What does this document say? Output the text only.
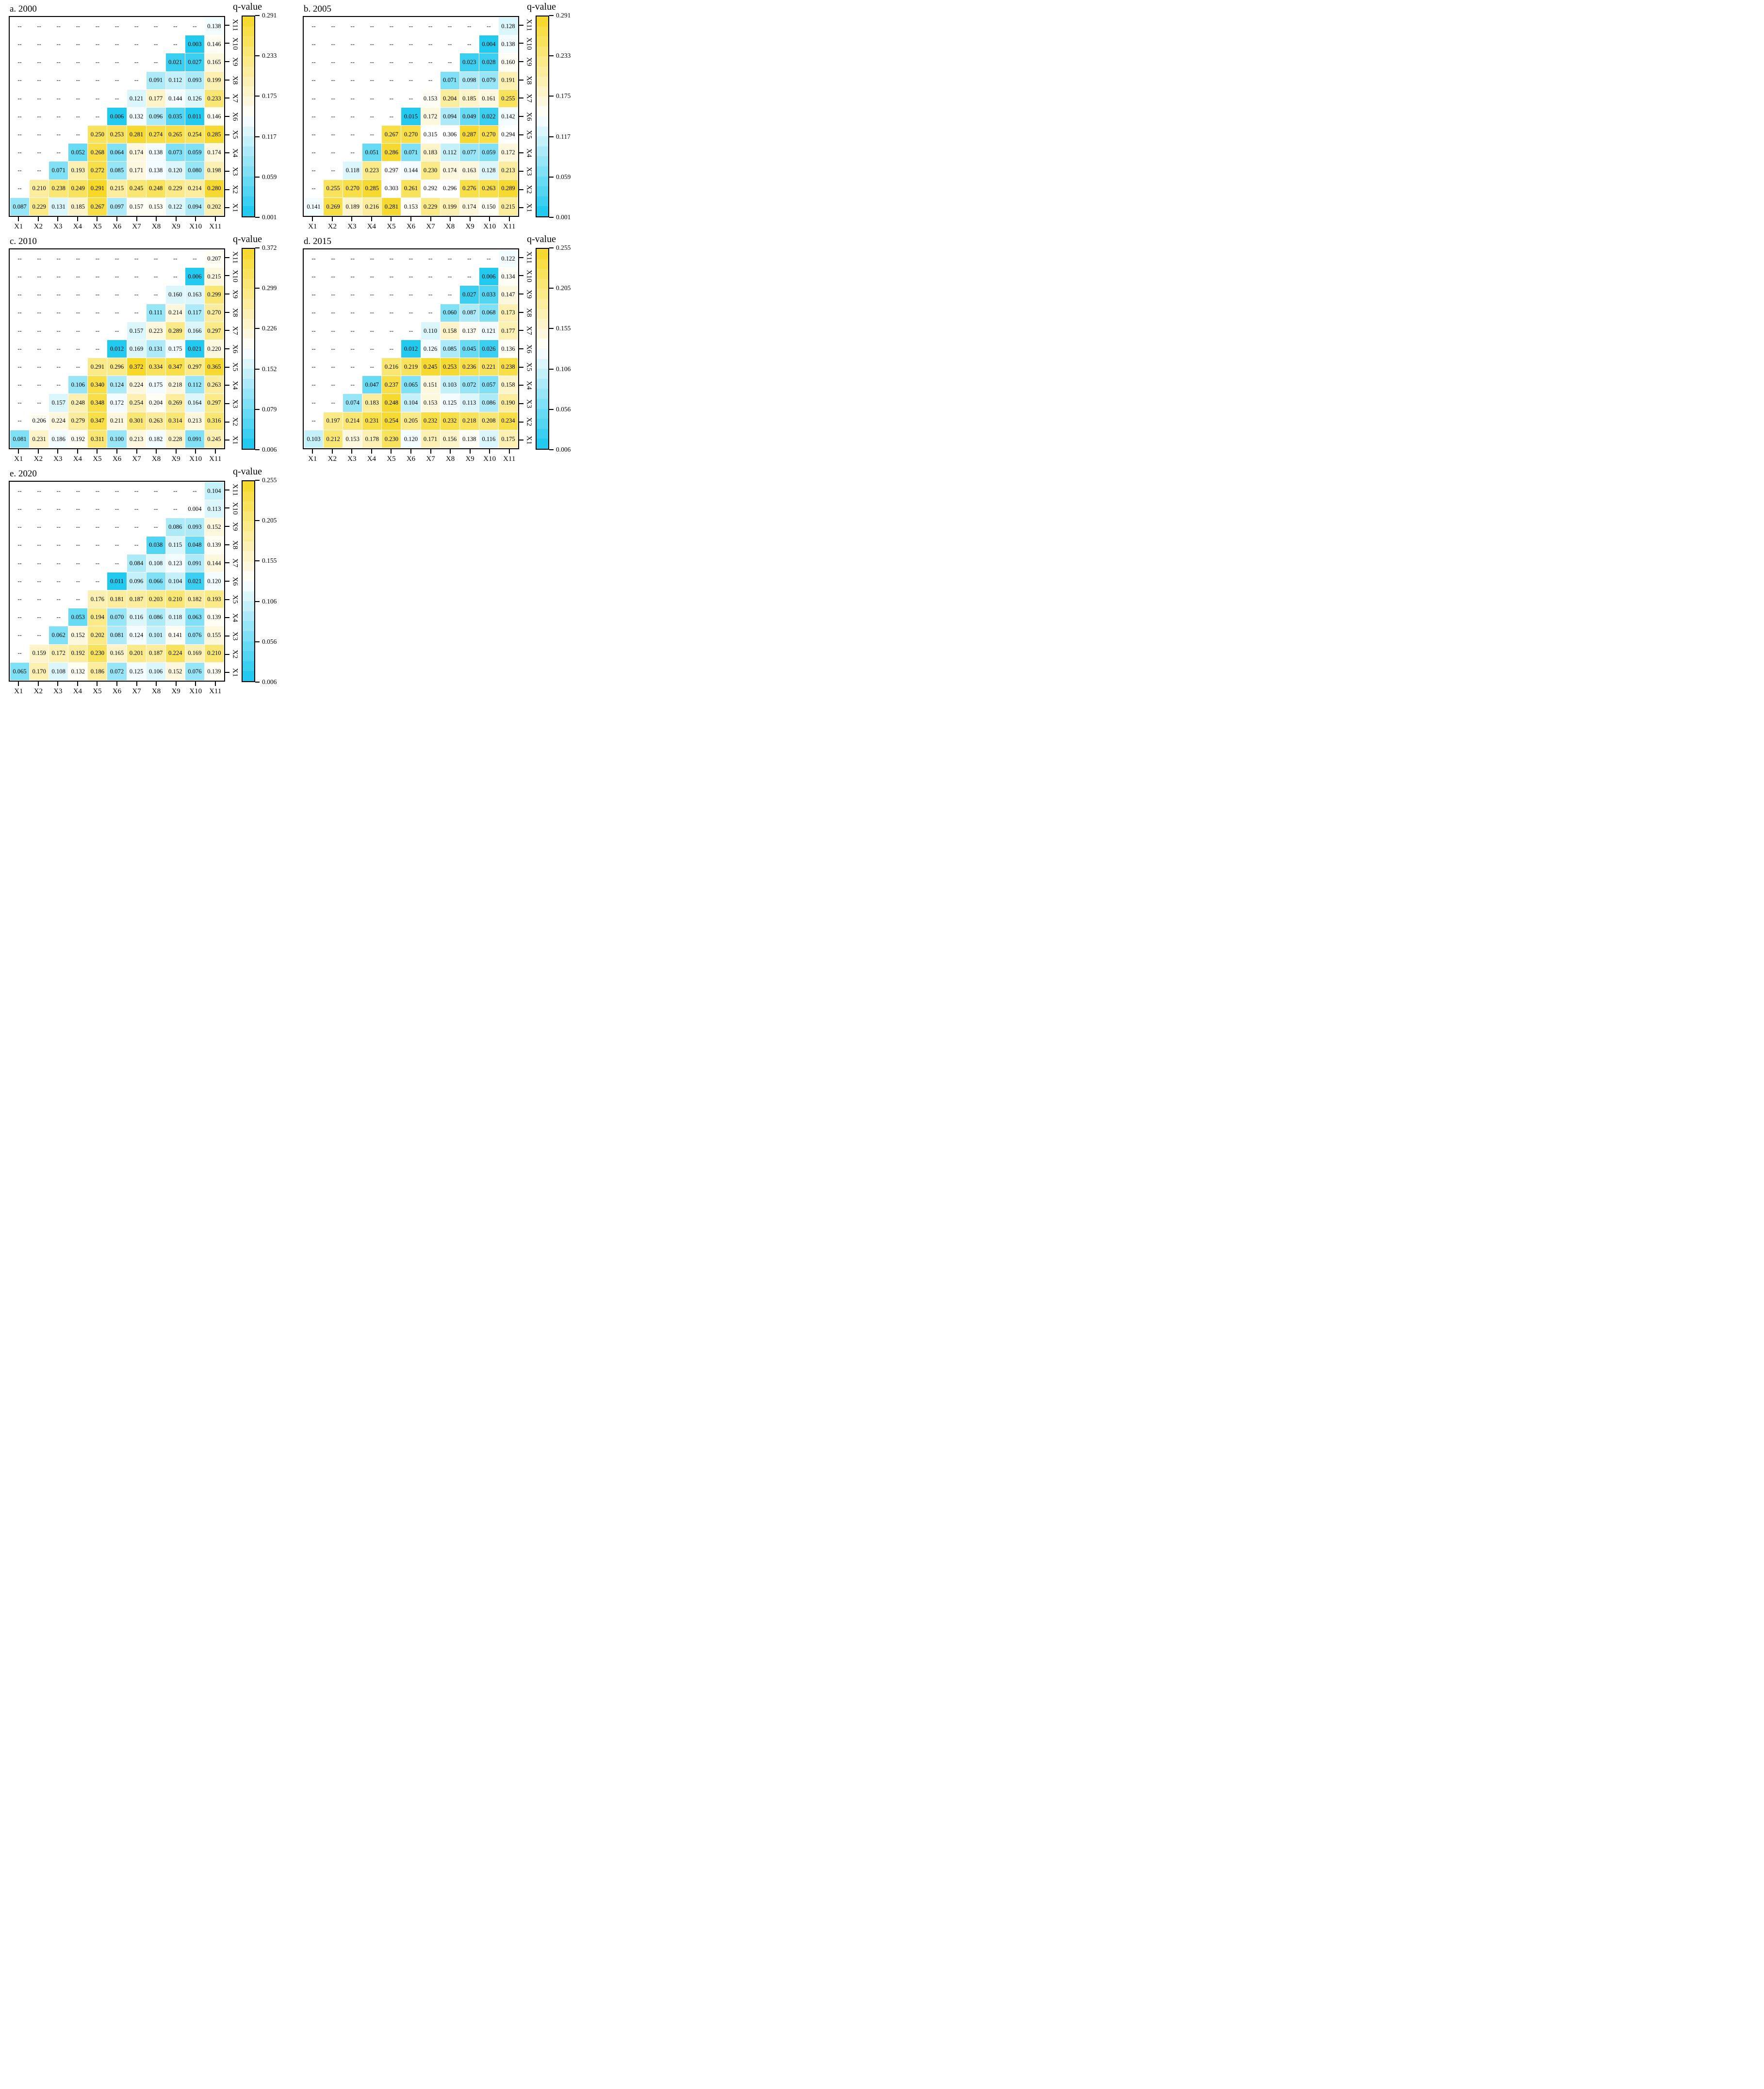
a. 2000
--	--	--	--	--	--	--	--	--	--	0.138
--	--	--	--	--	--	--	--	--	0.003 0.146
--	--	--	--	--	--	--	--	0.021 0.027 0.165
--	--	--	--	--	--	--	0.091 0.112 0.093 0.199
--	--	--	--	--	--	0.121 0.177 0.144 0.126 0.233
--	--	--	--	--	0.006 0.132 0.096 0.035 0.011 0.146
--	--	--	--	0.250 0.253 0.281 0.274 0.265 0.254 0.285
--	--	--	0.052 0.268 0.064 0.174 0.138 0.073 0.059 0.174
--	--	0.071 0.193 0.272 0.085 0.171 0.138 0.120 0.080 0.198
--	0.210 0.238 0.249 0.291 0.215 0.245 0.248 0.229 0.214 0.280
0.087 0.229 0.131 0.185 0.267 0.097 0.157 0.153 0.122 0.094 0.202
X11
X10
X9
X8
X7
X6
X5
X4
X3
X2
X1
X1	X2	X3	X4	X5	X6	X7	X8	X9	X10 X11
q-value
0.291
0.233
0.175
0.117
0.059
0.001
b. 2005
--	--	--	--	--	--	--	--	--	--	0.128
--	--	--	--	--	--	--	--	--	0.004 0.138
--	--	--	--	--	--	--	--	0.023 0.028 0.160
--	--	--	--	--	--	--	0.071 0.098 0.079 0.191
--	--	--	--	--	--	0.153 0.204 0.185 0.161 0.255
--	--	--	--	--	0.015 0.172 0.094 0.049 0.022 0.142
--	--	--	--	0.267 0.270 0.315 0.306 0.287 0.270 0.294
--	--	--	0.051 0.286 0.071 0.183 0.112 0.077 0.059 0.172
--	--	0.118 0.223 0.297 0.144 0.230 0.174 0.163 0.128 0.213
--	0.255 0.270 0.285 0.303 0.261 0.292 0.296 0.276 0.263 0.289
0.141 0.269 0.189 0.216 0.281 0.153 0.229 0.199 0.174 0.150 0.215
X11
X10
X9
X8
X7
X6
X5
X4
X3
X2
X1
X1	X2	X3	X4	X5	X6	X7	X8	X9	X10 X11
q-value
0.291
0.233
0.175
0.117
0.059
0.001
c. 2010
--	--	--	--	--	--	--	--	--	--	0.207
--	--	--	--	--	--	--	--	--	0.006 0.215
--	--	--	--	--	--	--	--	0.160 0.163 0.299
--	--	--	--	--	--	--	0.111 0.214 0.117 0.270
--	--	--	--	--	--	0.157 0.223 0.289 0.166 0.297
--	--	--	--	--	0.012 0.169 0.131 0.175 0.021 0.220
--	--	--	--	0.291 0.296 0.372 0.334 0.347 0.297 0.365
--	--	--	0.106 0.340 0.124 0.224 0.175 0.218 0.112 0.263
--	--	0.157 0.248 0.348 0.172 0.254 0.204 0.269 0.164 0.297
--	0.206 0.224 0.279 0.347 0.211 0.301 0.263 0.314 0.213 0.316
0.081 0.231 0.186 0.192 0.311 0.100 0.213 0.182 0.228 0.091 0.245
X11
X10
X9
X8
X7
X6
X5
X4
X3
X2
X1
X1	X2	X3	X4	X5	X6	X7	X8	X9	X10 X11
q-value
0.372
0.299
0.226
0.152
0.079
0.006
d. 2015
--	--	--	--	--	--	--	--	--	--	0.122
--	--	--	--	--	--	--	--	--	0.006 0.134
--	--	--	--	--	--	--	--	0.027 0.033 0.147
--	--	--	--	--	--	--	0.060 0.087 0.068 0.173
--	--	--	--	--	--	0.110 0.158 0.137 0.121 0.177
--	--	--	--	--	0.012 0.126 0.085 0.045 0.026 0.136
--	--	--	--	0.216 0.219 0.245 0.253 0.236 0.221 0.238
--	--	--	0.047 0.237 0.065 0.151 0.103 0.072 0.057 0.158
--	--	0.074 0.183 0.248 0.104 0.153 0.125 0.113 0.086 0.190
--	0.197 0.214 0.231 0.254 0.205 0.232 0.232 0.218 0.208 0.234
0.103 0.212 0.153 0.178 0.230 0.120 0.171 0.156 0.138 0.116 0.175
X11
X10
X9
X8
X7
X6
X5
X4
X3
X2
X1
X1	X2	X3	X4	X5	X6	X7	X8	X9	X10 X11
q-value
0.255
0.205
0.155
0.106
0.056
0.006
e. 2020
--	--	--	--	--	--	--	--	--	--	0.104
--	--	--	--	--	--	--	--	--	0.004 0.113
--	--	--	--	--	--	--	--	0.086 0.093 0.152
--	--	--	--	--	--	--	0.038 0.115 0.048 0.139
--	--	--	--	--	--	0.084 0.108 0.123 0.091 0.144
--	--	--	--	--	0.011 0.096 0.066 0.104 0.021 0.120
--	--	--	--	0.176 0.181 0.187 0.203 0.210 0.182 0.193
--	--	--	0.053 0.194 0.070 0.116 0.086 0.118 0.063 0.139
--	--	0.062 0.152 0.202 0.081 0.124 0.101 0.141 0.076 0.155
--	0.159 0.172 0.192 0.230 0.165 0.201 0.187 0.224 0.169 0.210
0.065 0.170 0.108 0.132 0.186 0.072 0.125 0.106 0.152 0.076 0.139
X11
X10
X9
X8
X7
X6
X5
X4
X3
X2
X1
X1	X2	X3	X4	X5	X6	X7	X8	X9	X10 X11
q-value
0.255
0.205
0.155
0.106
0.056
0.006
